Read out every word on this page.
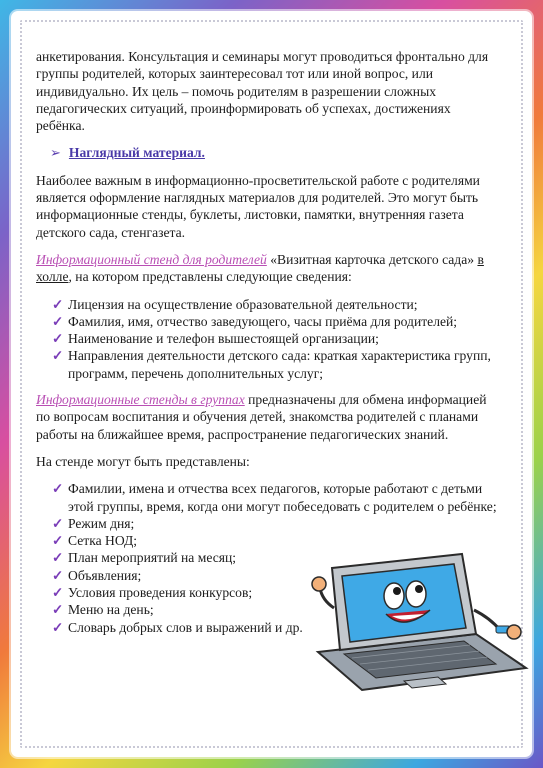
анкетирования. Консультация и семинары могут проводиться фронтально для группы родителей, которых заинтересовал тот или иной вопрос, или индивидуально. Их цель – помочь родителям в разрешении сложных педагогических ситуаций, проинформировать об успехах, достижениях ребёнка.

➢ Наглядный материал.

Наиболее важным в информационно-просветительской работе с родителями является оформление наглядных материалов для родителей. Это могут быть информационные стенды, буклеты, листовки, памятки, внутренняя газета детского сада, стенгазета.

Информационный стенд для родителей «Визитная карточка детского сада» в холле, на котором представлены следующие сведения:

✓ Лицензия на осуществление образовательной деятельности;
✓ Фамилия, имя, отчество заведующего, часы приёма для родителей;
✓ Наименование и телефон вышестоящей организации;
✓ Направления деятельности детского сада: краткая характеристика групп, программ, перечень дополнительных услуг;

Информационные стенды в группах предназначены для обмена информацией по вопросам воспитания и обучения детей, знакомства родителей с планами работы на ближайшее время, распространение педагогических знаний.

На стенде могут быть представлены:

✓ Фамилии, имена и отчества всех педагогов, которые работают с детьми этой группы, время, когда они могут побеседовать с родителем о ребёнке;
✓ Режим дня;
✓ Сетка НОД;
✓ План мероприятий на месяц;
✓ Объявления;
✓ Условия проведения конкурсов;
✓ Меню на день;
✓ Словарь добрых слов и выражений и др.
